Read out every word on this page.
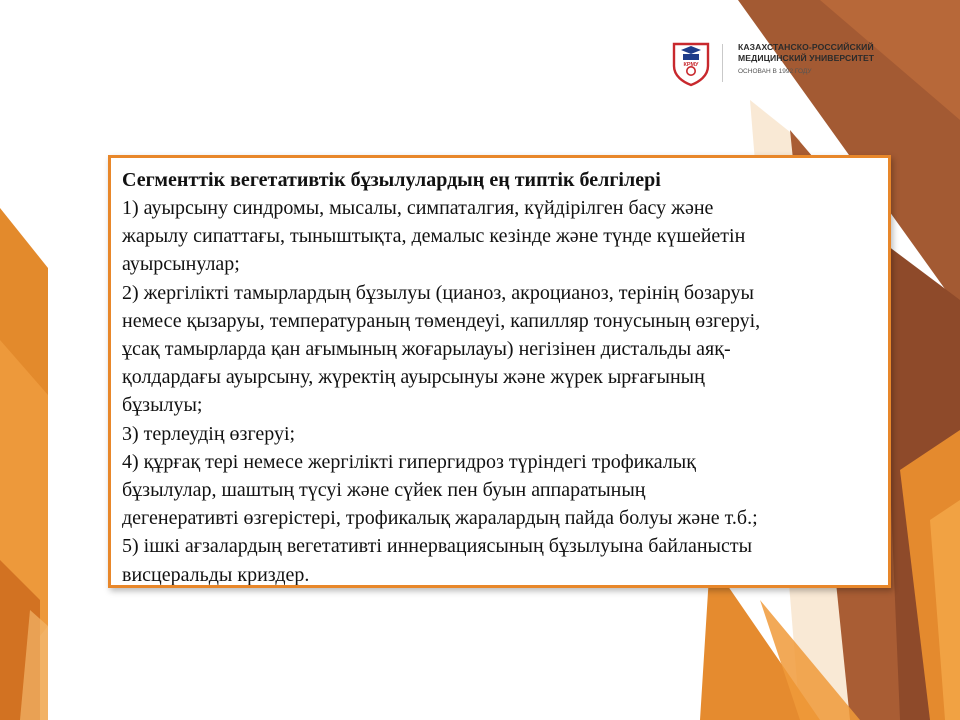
КРМУ
КАЗАХСТАНСКО-РОССИЙСКИЙ
МЕДИЦИНСКИЙ УНИВЕРСИТЕТ
ОСНОВАН В 1992 ГОДУ

Сегменттік вегетативтік бұзылулардың ең типтік белгілері

1) ауырсыну синдромы, мысалы, симпаталгия, күйдірілген басу және
жарылу сипаттағы, тыныштықта, демалыс кезінде және түнде күшейетін
ауырсынулар;
2) жергілікті тамырлардың бұзылуы (цианоз, акроцианоз, терінің бозаруы
немесе қызаруы, температураның төмендеуі, капилляр тонусының өзгеруі,
ұсақ тамырларда қан ағымының жоғарылауы) негізінен дистальды аяқ-
қолдардағы ауырсыну, жүректің ауырсынуы және жүрек ырғағының
бұзылуы;
3) терлеудің өзгеруі;
4) құрғақ тері немесе жергілікті гипергидроз түріндегі трофикалық
бұзылулар, шаштың түсуі және сүйек пен буын аппаратының
дегенеративті өзгерістері, трофикалық жаралардың пайда болуы және т.б.;
5) ішкі ағзалардың вегетативті иннервациясының бұзылуына байланысты
висцеральды криздер.
